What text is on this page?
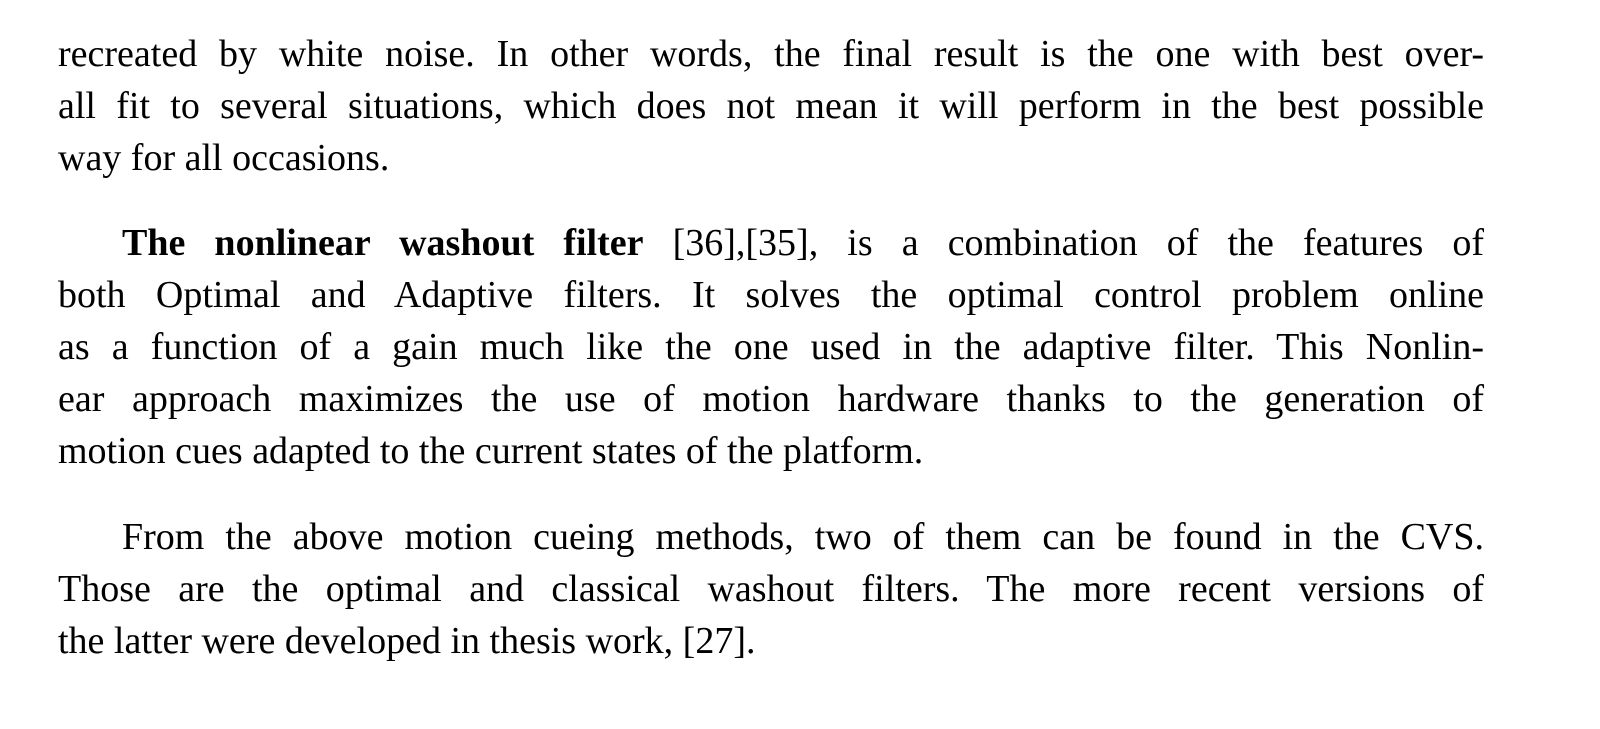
recreated by white noise. In other words, the final result is the one with best over-
all fit to several situations, which does not mean it will perform in the best possible
way for all occasions.
The nonlinear washout filter [36],[35], is a combination of the features of
both Optimal and Adaptive filters. It solves the optimal control problem online
as a function of a gain much like the one used in the adaptive filter. This Nonlin-
ear approach maximizes the use of motion hardware thanks to the generation of
motion cues adapted to the current states of the platform.
From the above motion cueing methods, two of them can be found in the CVS.
Those are the optimal and classical washout filters. The more recent versions of
the latter were developed in thesis work, [27].
